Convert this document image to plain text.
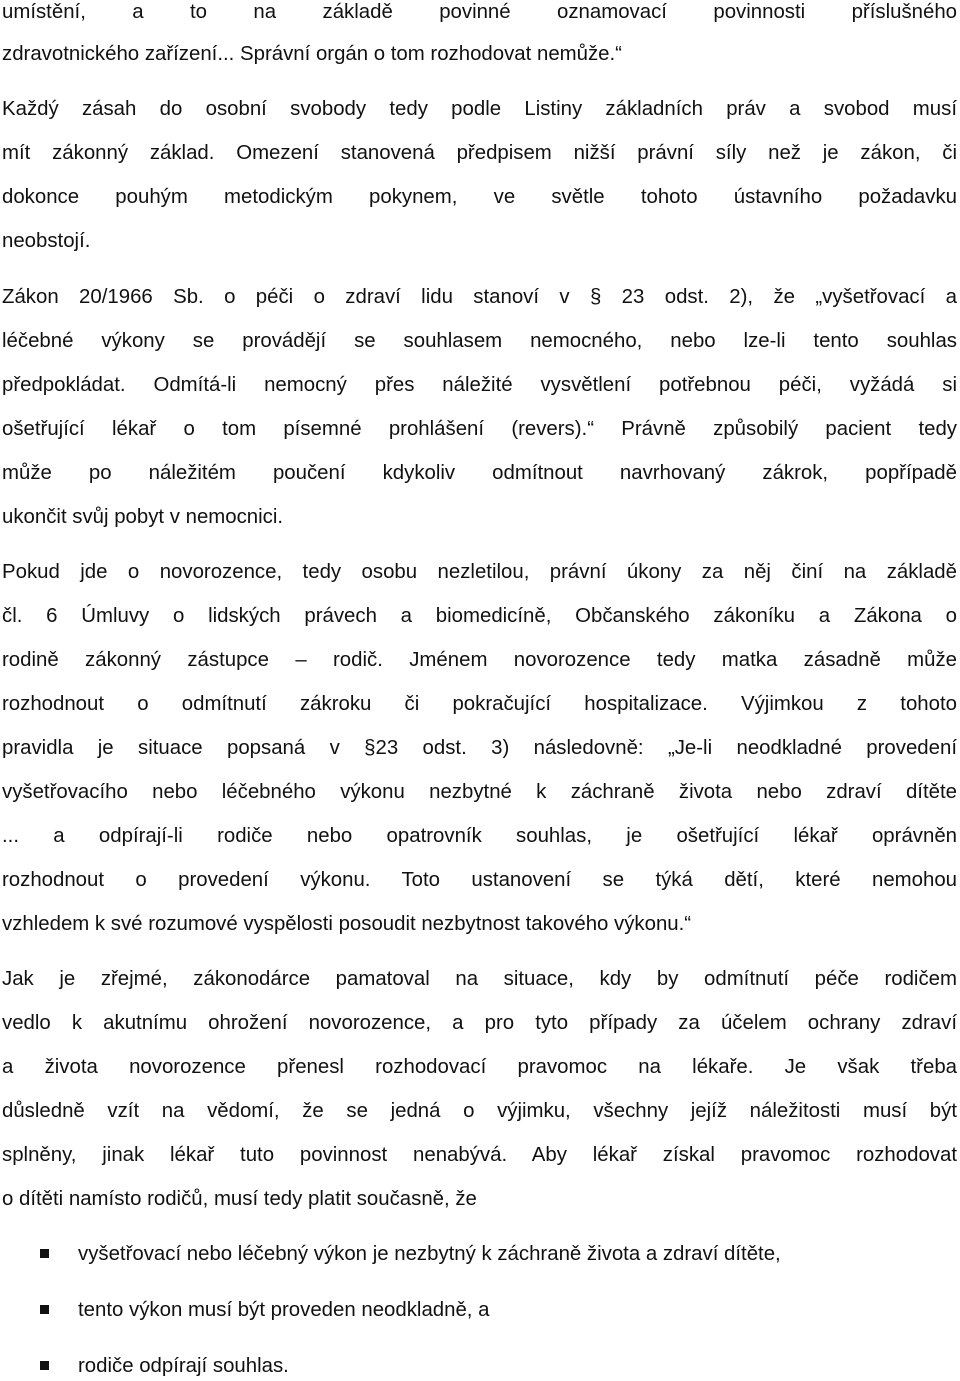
umístění, a to na základě povinné oznamovací povinnosti příslušného
zdravotnického zařízení... Správní orgán o tom rozhodovat nemůže.“
Každý zásah do osobní svobody tedy podle Listiny základních práv a svobod musí
mít zákonný základ. Omezení stanovená předpisem nižší právní síly než je zákon, či
dokonce pouhým metodickým pokynem, ve světle tohoto ústavního požadavku
neobstojí.
Zákon 20/1966 Sb. o péči o zdraví lidu stanoví v § 23 odst. 2), že „vyšetřovací a
léčebné výkony se provádějí se souhlasem nemocného, nebo lze-li tento souhlas
předpokládat. Odmítá-li nemocný přes náležité vysvětlení potřebnou péči, vyžádá si
ošetřující lékař o tom písemné prohlášení (revers).“ Právně způsobilý pacient tedy
může po náležitém poučení kdykoliv odmítnout navrhovaný zákrok, popřípadě
ukončit svůj pobyt v nemocnici.
Pokud jde o novorozence, tedy osobu nezletilou, právní úkony za něj činí na základě
čl. 6 Úmluvy o lidských právech a biomedicíně, Občanského zákoníku a Zákona o
rodině zákonný zástupce – rodič. Jménem novorozence tedy matka zásadně může
rozhodnout o odmítnutí zákroku či pokračující hospitalizace. Výjimkou z tohoto
pravidla je situace popsaná v §23 odst. 3) následovně: „Je-li neodkladné provedení
vyšetřovacího nebo léčebného výkonu nezbytné k záchraně života nebo zdraví dítěte
... a odpírají-li rodiče nebo opatrovník souhlas, je ošetřující lékař oprávněn
rozhodnout o provedení výkonu. Toto ustanovení se týká dětí, které nemohou
vzhledem k své rozumové vyspělosti posoudit nezbytnost takového výkonu.“
Jak je zřejmé, zákonodárce pamatoval na situace, kdy by odmítnutí péče rodičem
vedlo k akutnímu ohrožení novorozence, a pro tyto případy za účelem ochrany zdraví
a života novorozence přenesl rozhodovací pravomoc na lékaře. Je však třeba
důsledně vzít na vědomí, že se jedná o výjimku, všechny jejíž náležitosti musí být
splněny, jinak lékař tuto povinnost nenabývá. Aby lékař získal pravomoc rozhodovat
o dítěti namísto rodičů, musí tedy platit současně, že
vyšetřovací nebo léčebný výkon je nezbytný k záchraně života a zdraví dítěte,
tento výkon musí být proveden neodkladně, a
rodiče odpírají souhlas.
